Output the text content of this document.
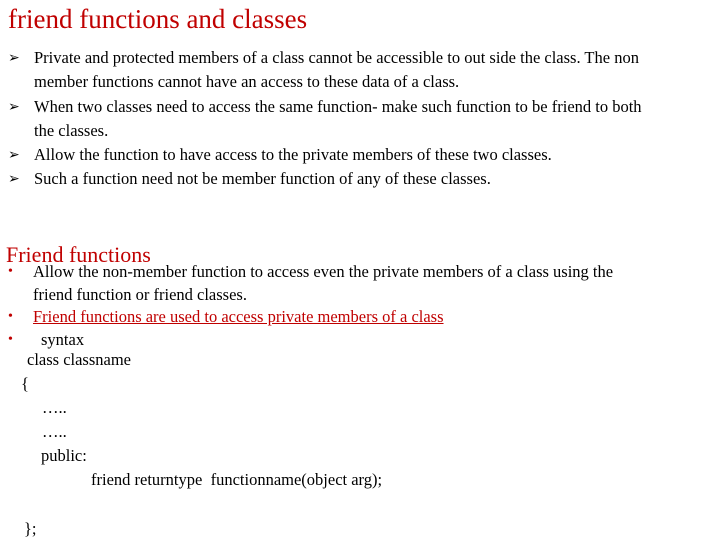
friend functions and classes
➢ Private and protected members of a class cannot be accessible to out side the class. The non member functions cannot have an access to these data of a class.
➢ When two classes need to access the same function- make such function to be friend to both the classes.
➢ Allow the function to have access to the private members of these two classes.
➢ Such a function need not be member function of any of these classes.
Friend functions
• Allow the non-member function to access even the private members of a class using the friend function or friend classes.
• Friend functions are used to access private members of a class
• syntax
class classname
{
…..
…..
public:
friend returntype  functionname(object arg);
};
